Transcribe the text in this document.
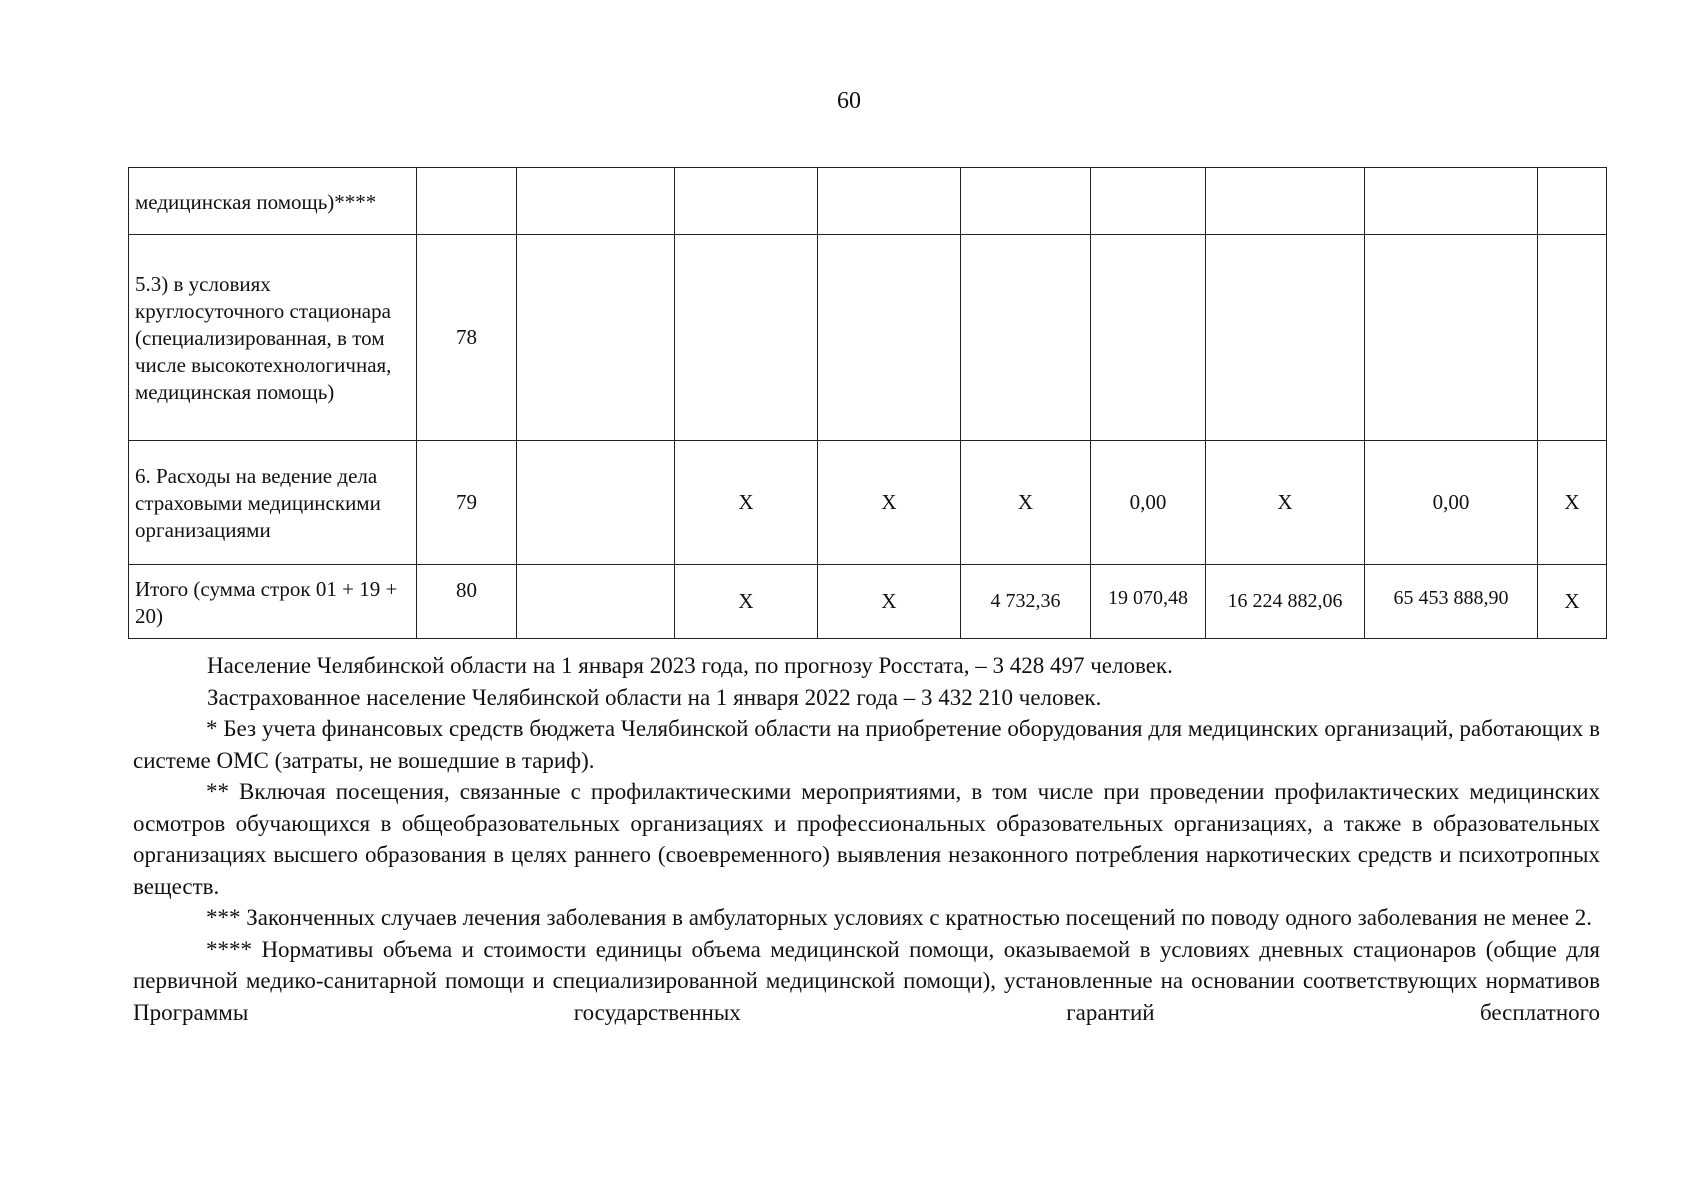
60
медицинская помощь)****									
5.3) в условиях круглосуточного стационара (специализированная, в том числе высокотехнологичная, медицинская помощь)	78								
6. Расходы на ведение дела страховыми медицинскими организациями	79		Х	Х	Х	0,00	Х	0,00	Х
Итого (сумма строк 01 + 19 + 20)	80		Х	Х	4 732,36	19 070,48	16 224 882,06	65 453 888,90	Х

Население Челябинской области на 1 января 2023 года, по прогнозу Росстата, – 3 428 497 человек.

Застрахованное население Челябинской области на 1 января 2022 года – 3 432 210 человек.

* Без учета финансовых средств бюджета Челябинской области на приобретение оборудования для медицинских организаций, работающих в системе ОМС (затраты, не вошедшие в тариф).

** Включая посещения, связанные с профилактическими мероприятиями, в том числе при проведении профилактических медицинских осмотров обучающихся в общеобразовательных организациях и профессиональных образовательных организациях, а также в образовательных организациях высшего образования в целях раннего (своевременного) выявления незаконного потребления наркотических средств и психотропных веществ.

*** Законченных случаев лечения заболевания в амбулаторных условиях с кратностью посещений по поводу одного заболевания не менее 2.

**** Нормативы объема и стоимости единицы объема медицинской помощи, оказываемой в условиях дневных стационаров (общие для первичной медико-санитарной помощи и специализированной медицинской помощи), установленные на основании соответствующих нормативов Программы государственных гарантий бесплатного
